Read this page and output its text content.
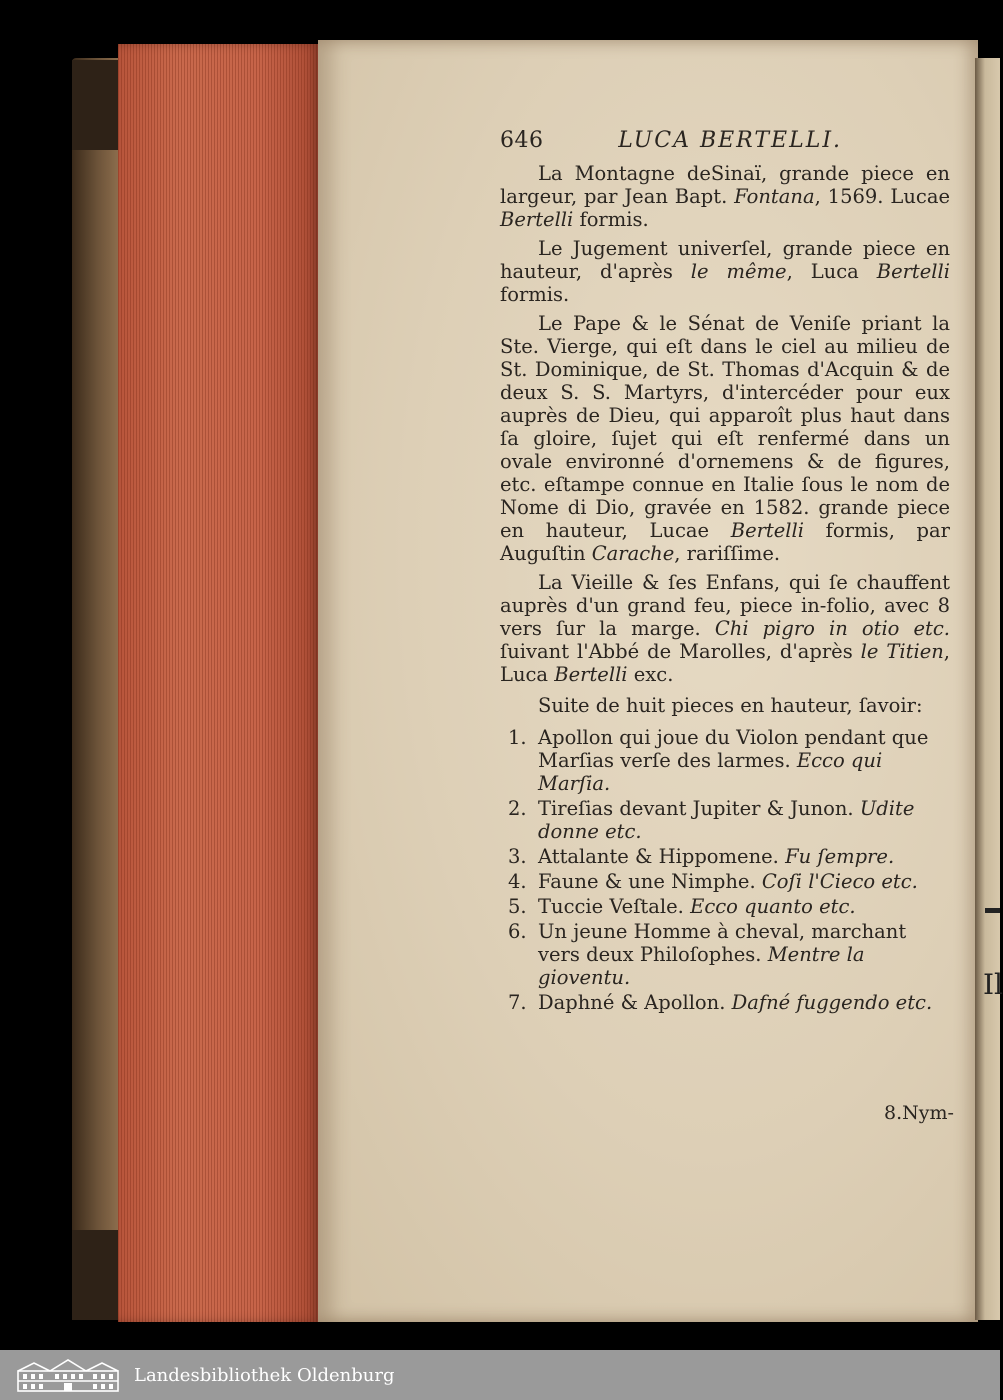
Il
646	LUCA BERTELLI.

La Montagne deSinaï, grande piece en largeur, par Jean Bapt. Fontana, 1569. Lucae Bertelli formis.

Le Jugement univerſel, grande piece en hauteur, d'après le même, Luca Bertelli formis.

Le Pape & le Sénat de Veniſe priant la Ste. Vierge, qui eſt dans le ciel au milieu de St. Dominique, de St. Thomas d'Acquin & de deux S. S. Martyrs, d'intercéder pour eux auprès de Dieu, qui apparoît plus haut dans ſa gloire, ſujet qui eſt renfermé dans un ovale environné d'ornemens & de figures, etc. eſtampe connue en Italie ſous le nom de Nome di Dio, gravée en 1582. grande piece en hauteur, Lucae Bertelli formis, par Auguſtin Carache, rariſſime.

La Vieille & ſes Enfans, qui ſe chauffent auprès d'un grand feu, piece in-folio, avec 8 vers ſur la marge. Chi pigro in otio etc. ſuivant l'Abbé de Marolles, d'après le Titien, Luca Bertelli exc.

Suite de huit pieces en hauteur, ſavoir:

1. Apollon qui joue du Violon pendant que Marſias verſe des larmes. Ecco qui Marſia.
2. Tireſias devant Jupiter & Junon. Udite donne etc.
3. Attalante & Hippomene. Fu ſempre.
4. Faune & une Nimphe. Coſi l'Cieco etc.
5. Tuccie Veſtale. Ecco quanto etc.
6. Un jeune Homme à cheval, marchant vers deux Philoſophes. Mentre la gioventu.
7. Daphné & Apollon. Dafné fuggendo etc.
8.Nym-
Landesbibliothek Oldenburg
